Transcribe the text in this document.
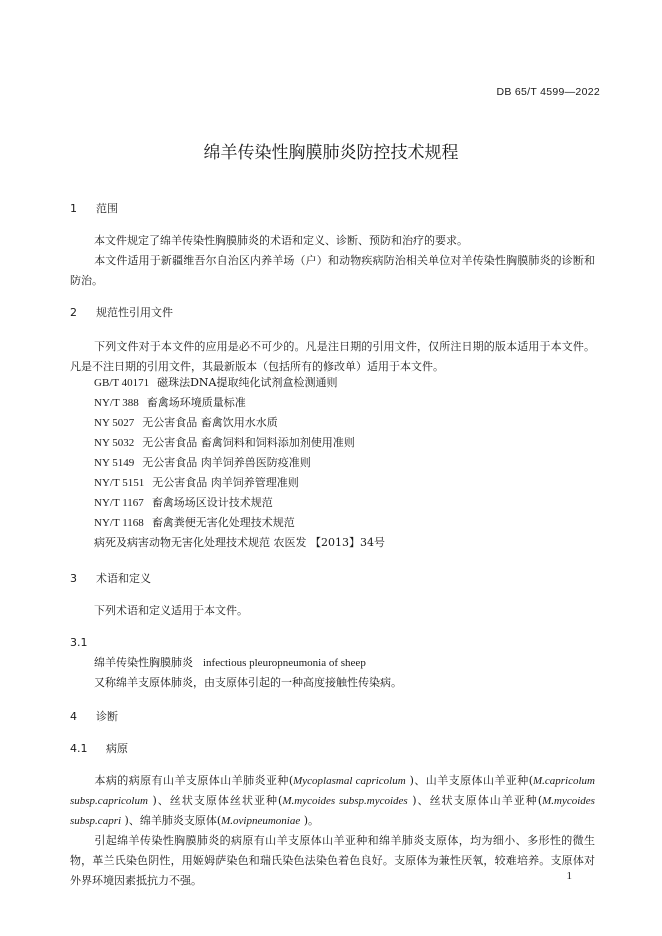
DB 65/T 4599—2022
绵羊传染性胸膜肺炎防控技术规程
1 范围
本文件规定了绵羊传染性胸膜肺炎的术语和定义、诊断、预防和治疗的要求。
本文件适用于新疆维吾尔自治区内养羊场（户）和动物疾病防治相关单位对羊传染性胸膜肺炎的诊断和防治。
2 规范性引用文件
下列文件对于本文件的应用是必不可少的。凡是注日期的引用文件，仅所注日期的版本适用于本文件。凡是不注日期的引用文件，其最新版本（包括所有的修改单）适用于本文件。
GB/T 40171 磁珠法DNA提取纯化试剂盒检测通则
NY/T 388 畜禽场环境质量标准
NY 5027 无公害食品 畜禽饮用水水质
NY 5032 无公害食品 畜禽饲料和饲料添加剂使用准则
NY 5149 无公害食品 肉羊饲养兽医防疫准则
NY/T 5151 无公害食品 肉羊饲养管理准则
NY/T 1167 畜禽场场区设计技术规范
NY/T 1168 畜禽粪便无害化处理技术规范
病死及病害动物无害化处理技术规范 农医发 【2013】34号
3 术语和定义
下列术语和定义适用于本文件。
3.1
绵羊传染性胸膜肺炎 infectious pleuropneumonia of sheep
又称绵羊支原体肺炎，由支原体引起的一种高度接触性传染病。
4 诊断
4.1 病原
本病的病原有山羊支原体山羊肺炎亚种(Mycoplasmal capricolum )、山羊支原体山羊亚种(M.capricolum subsp.capricolum )、丝状支原体丝状亚种(M.mycoides subsp.mycoides )、丝状支原体山羊亚种(M.mycoides subsp.capri )、绵羊肺炎支原体(M.ovipneumoniae )。
引起绵羊传染性胸膜肺炎的病原有山羊支原体山羊亚种和绵羊肺炎支原体，均为细小、多形性的微生物，革兰氏染色阴性，用姬姆萨染色和瑞氏染色法染色着色良好。支原体为兼性厌氧，较难培养。支原体对外界环境因素抵抗力不强。	1
